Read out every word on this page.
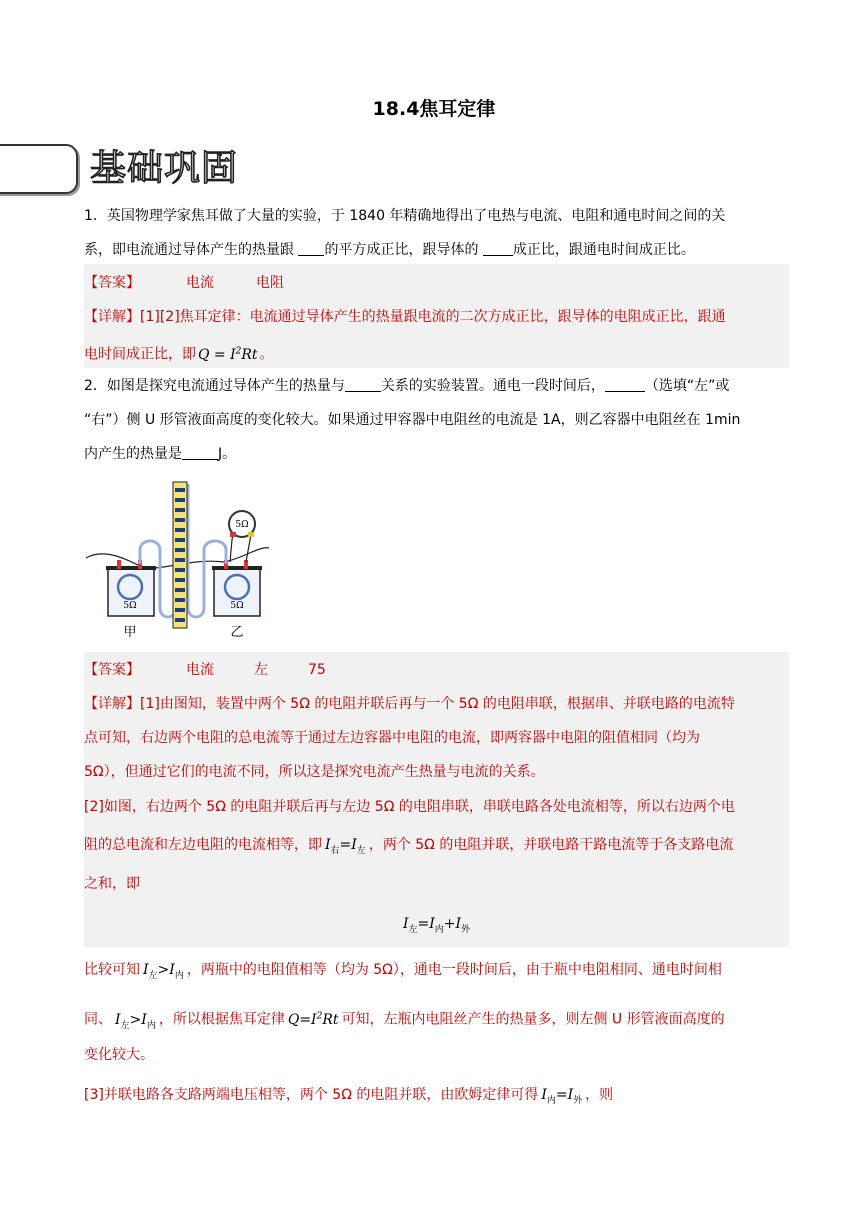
18.4焦耳定律
基础巩固
1．英国物理学家焦耳做了大量的实验，于 1840 年精确地得出了电热与电流、电阻和通电时间之间的关
系，即电流通过导体产生的热量跟 的平方成正比，跟导体的 成正比，跟通电时间成正比。
【答案】	电流	电阻
【详解】[1][2]焦耳定律：电流通过导体产生的热量跟电流的二次方成正比，跟导体的电阻成正比，跟通
电时间成正比，即 $Q = I^2Rt$ 。
2．如图是探究电流通过导体产生的热量与	关系的实验装置。通电一段时间后，	（选填“左”或
“右”）侧 U 形管液面高度的变化较大。如果通过甲容器中电阻丝的电流是 1A，则乙容器中电阻丝在 1min
内产生的热量是	J。
5Ω	5Ω
5Ω
甲	乙
【答案】	电流	左	75
【详解】[1]由图知，装置中两个 5Ω 的电阻并联后再与一个 5Ω 的电阻串联，根据串、并联电路的电流特
点可知，右边两个电阻的总电流等于通过左边容器中电阻的电流，即两容器中电阻的阻值相同（均为
5Ω），但通过它们的电流不同，所以这是探究电流产生热量与电流的关系。
[2]如图，右边两个 5Ω 的电阻并联后再与左边 5Ω 的电阻串联，串联电路各处电流相等，所以右边两个电
阻的总电流和左边电阻的电流相等，即 $I_右=I_左$ ，两个 5Ω 的电阻并联，并联电路干路电流等于各支路电流
之和，即
$I_左=I_内+I_外$
比较可知 $I_左>I_内$ ，两瓶中的电阻值相等（均为 5Ω），通电一段时间后，由于瓶中电阻相同、通电时间相
同、 $I_左>I_内$ ，所以根据焦耳定律 $Q=I^2Rt$ 可知，左瓶内电阻丝产生的热量多，则左侧 U 形管液面高度的
变化较大。
[3]并联电路各支路两端电压相等，两个 5Ω 的电阻并联，由欧姆定律可得 $I_内=I_外$ ，则
